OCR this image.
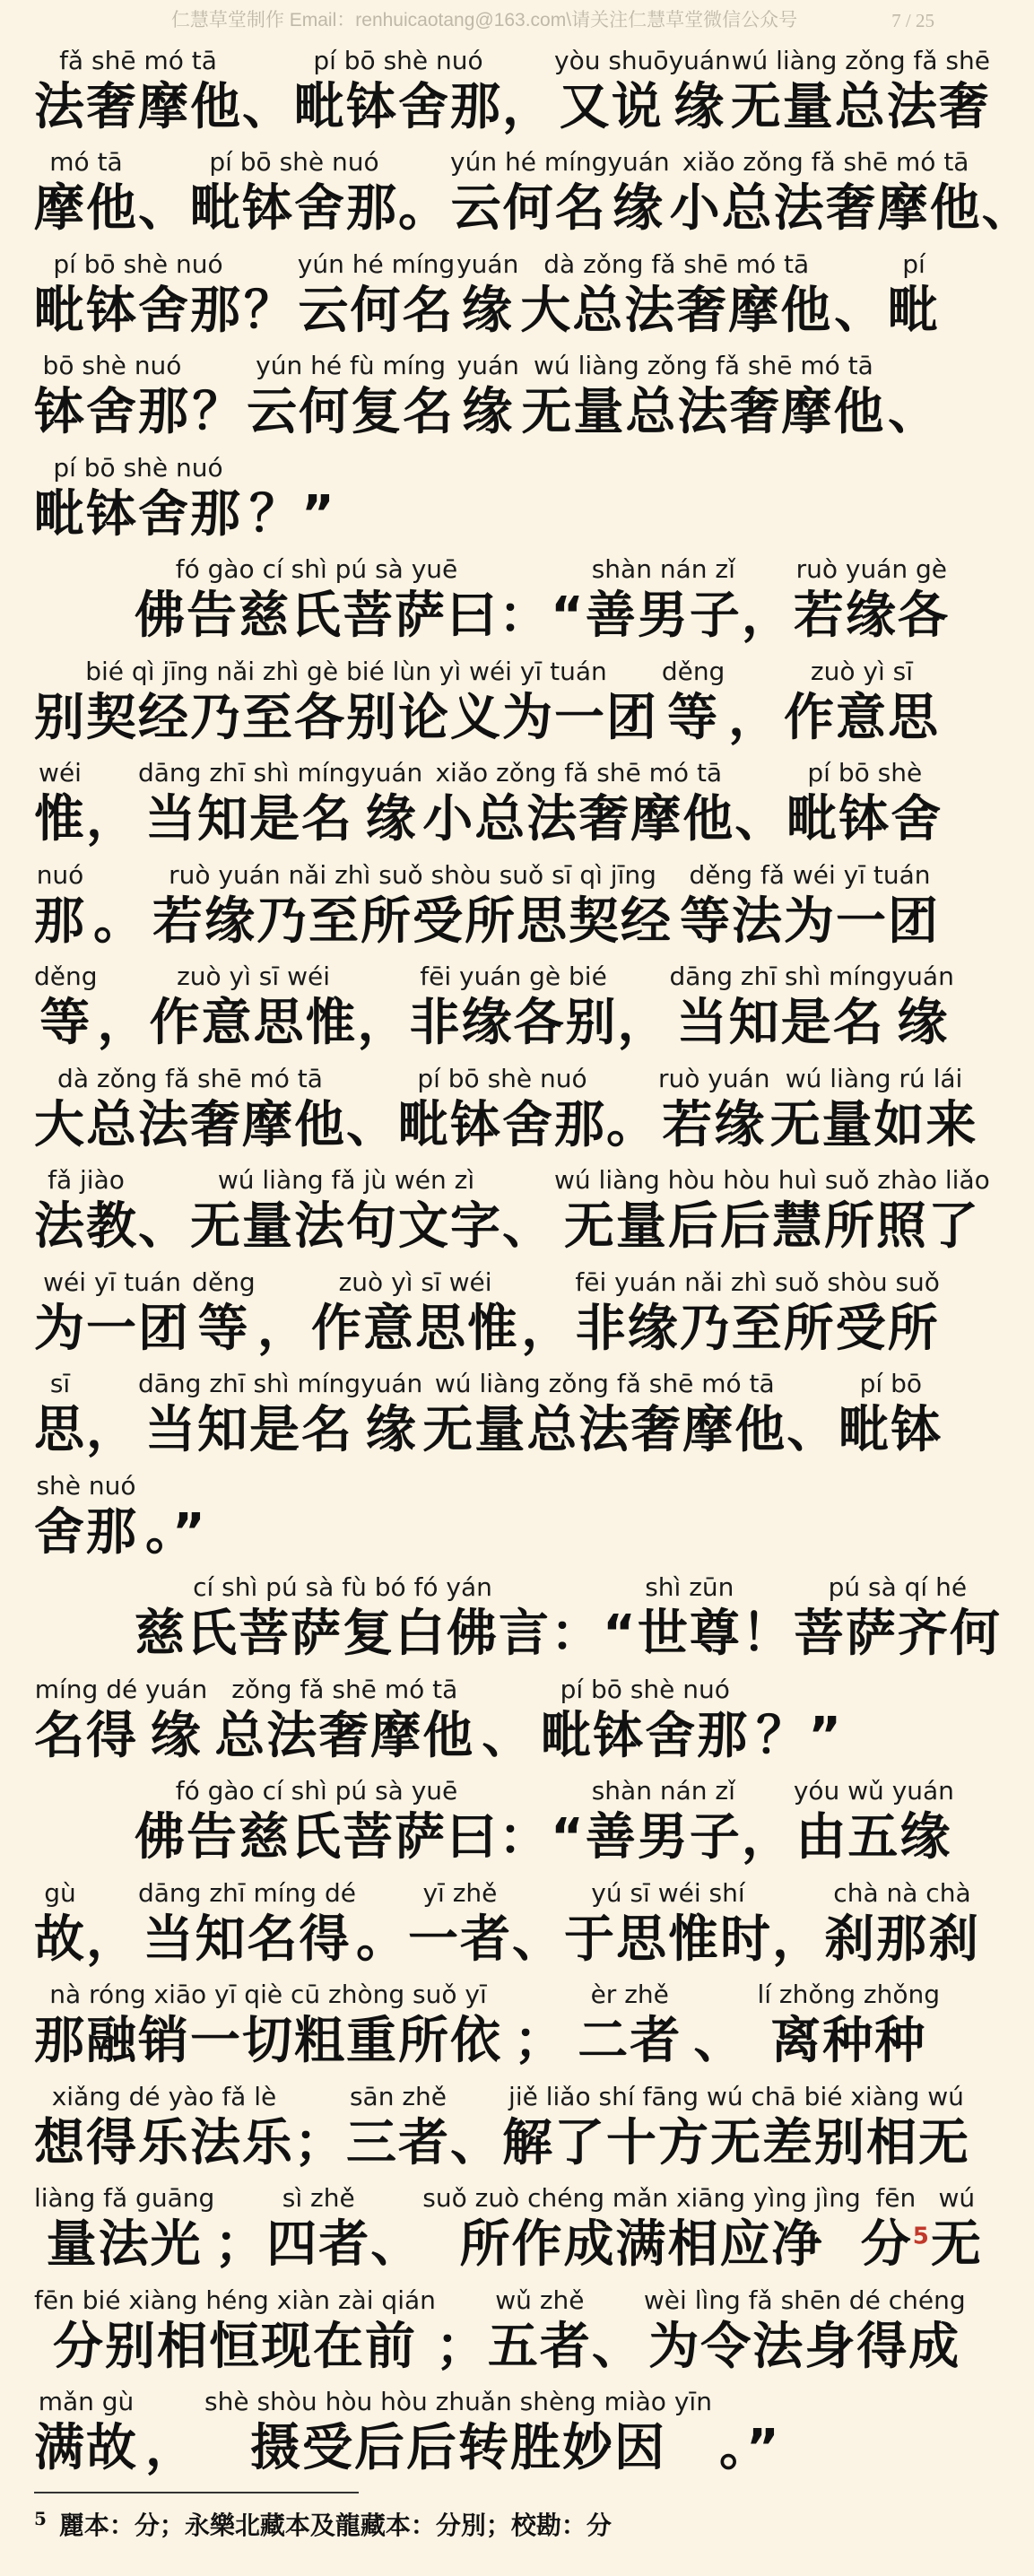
仁慧草堂制作 Email：renhuicaotang@163.com\请关注仁慧草堂微信公众号	7 / 25
fǎ shē mó tā
法奢摩他 、
pí bō shè nuó
毗钵舍那 ，
yòu shuō
又说
yuán
缘
wú liàng zǒng fǎ shē
无量总法奢
mó tā
摩他 、
pí bō shè nuó
毗钵舍那 。
yún hé míng
云何名
yuán
缘
xiǎo zǒng fǎ shē mó tā
小总法奢摩他 、
pí bō shè nuó
毗钵舍那 ？
yún hé míng
云何名
yuán
缘
dà zǒng fǎ shē mó tā
大总法奢摩他 、
pí
毗
bō shè nuó
钵舍那 ？
yún hé fù míng
云何复名
yuán
缘
wú liàng zǒng fǎ shē mó tā
无量总法奢摩他 、
pí bō shè nuó
毗钵舍那 ？”
fó gào cí shì pú sà yuē
佛告慈氏菩萨曰 ：“
shàn nán zǐ
善男子 ，
ruò yuán gè
若缘各
bié qì jīng nǎi zhì gè bié lùn yì wéi yī tuán
别契经乃至各别论义为一团
děng
等 ，
zuò yì sī
作意思
wéi
惟 ，
dāng zhī shì míng
当知是名
yuán
缘
xiǎo zǒng fǎ shē mó tā
小总法奢摩他 、
pí bō shè
毗钵舍
nuó
那 。
ruò yuán nǎi zhì suǒ shòu suǒ sī qì jīng
若缘乃至所受所思契经
děng fǎ wéi yī tuán
等法为一团
děng
等 ，
zuò yì sī wéi
作意思惟 ，
fēi yuán gè bié
非缘各别 ，
dāng zhī shì míng
当知是名
yuán
缘
dà zǒng fǎ shē mó tā
大总法奢摩他 、
pí bō shè nuó
毗钵舍那 。
ruò yuán
若缘
wú liàng rú lái
无量如来
fǎ jiào
法教 、
wú liàng fǎ jù wén zì
无量法句文字 、
wú liàng hòu hòu huì suǒ zhào liǎo
无量后后慧所照了
wéi yī tuán
为一团
děng
等 ，
zuò yì sī wéi
作意思惟 ，
fēi yuán nǎi zhì suǒ shòu suǒ
非缘乃至所受所
sī
思 ，
dāng zhī shì míng
当知是名
yuán
缘
wú liàng zǒng fǎ shē mó tā
无量总法奢摩他 、
pí bō
毗钵
shè nuó
舍那 。”
cí shì pú sà fù bó fó yán
慈氏菩萨复白佛言 ：“
shì zūn
世尊 ！
pú sà qí hé
菩萨齐何
míng dé
名得
yuán
缘
zǒng fǎ shē mó tā
总法奢摩他 、
pí bō shè nuó
毗钵舍那 ？”
fó gào cí shì pú sà yuē
佛告慈氏菩萨曰 ：“
shàn nán zǐ
善男子 ，
yóu wǔ yuán
由五缘
gù
故 ，
dāng zhī míng dé
当知名得 。
yī zhě
一者 、
yú sī wéi shí
于思惟时 ，
chà nà chà
刹那刹
nà róng xiāo yī qiè cū zhòng suǒ yī
那融销一切粗重所依 ；
èr zhě
二者 、
lí zhǒng zhǒng
离种种
xiǎng dé yào fǎ lè
想得乐法乐 ；
sān zhě
三者 、
jiě liǎo shí fāng wú chā bié xiàng wú
解了十方无差别相无
liàng fǎ guāng
量法光 ；
sì zhě
四者 、
suǒ zuò chéng mǎn xiāng yìng jìng
所作成满相应净
fēn
分$^5$
wú
无
fēn bié xiàng héng xiàn zài qián
分别相恒现在前 ；
wǔ zhě
五者 、
wèi lìng fǎ shēn dé chéng
为令法身得成
mǎn gù
满故 ，
shè shòu hòu hòu zhuǎn shèng miào yīn
摄受后后转胜妙因 。”
$^5$ 麗本：分；永樂北藏本及龍藏本：分別；校勘：分
